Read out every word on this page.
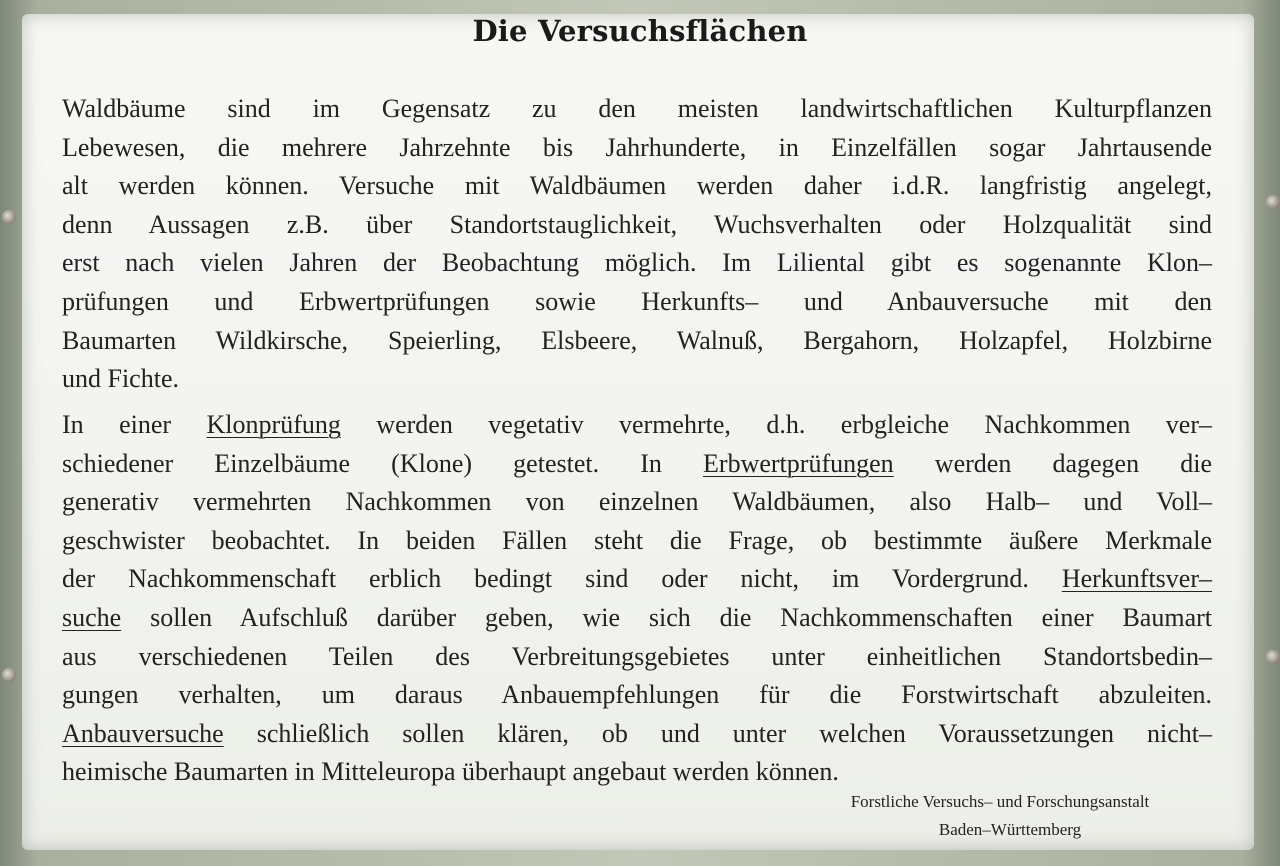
Die Versuchsflächen
Waldbäume sind im Gegensatz zu den meisten landwirtschaftlichen Kulturpflanzen
Lebewesen, die mehrere Jahrzehnte bis Jahrhunderte, in Einzelfällen sogar Jahrtausende
alt werden können. Versuche mit Waldbäumen werden daher i.d.R. langfristig angelegt,
denn Aussagen z.B. über Standortstauglichkeit, Wuchsverhalten oder Holzqualität sind
erst nach vielen Jahren der Beobachtung möglich. Im Liliental gibt es sogenannte Klon–
prüfungen und Erbwertprüfungen sowie Herkunfts– und Anbauversuche mit den
Baumarten Wildkirsche, Speierling, Elsbeere, Walnuß, Bergahorn, Holzapfel, Holzbirne
und Fichte.
In einer Klonprüfung werden vegetativ vermehrte, d.h. erbgleiche Nachkommen ver–
schiedener Einzelbäume (Klone) getestet. In Erbwertprüfungen werden dagegen die
generativ vermehrten Nachkommen von einzelnen Waldbäumen, also Halb– und Voll–
geschwister beobachtet. In beiden Fällen steht die Frage, ob bestimmte äußere Merkmale
der Nachkommenschaft erblich bedingt sind oder nicht, im Vordergrund. Herkunftsver–
suche sollen Aufschluß darüber geben, wie sich die Nachkommenschaften einer Baumart
aus verschiedenen Teilen des Verbreitungsgebietes unter einheitlichen Standortsbedin–
gungen verhalten, um daraus Anbauempfehlungen für die Forstwirtschaft abzuleiten.
Anbauversuche schließlich sollen klären, ob und unter welchen Voraussetzungen nicht–
heimische Baumarten in Mitteleuropa überhaupt angebaut werden können.
Forstliche Versuchs– und Forschungsanstalt
Baden–Württemberg
